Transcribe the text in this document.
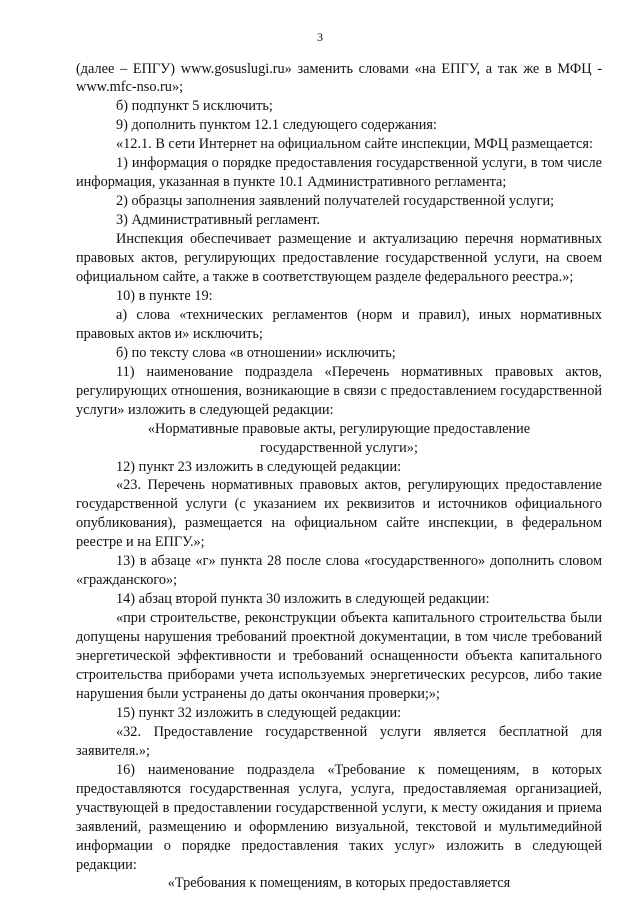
3

(далее – ЕПГУ) www.gosuslugi.ru» заменить словами «на ЕПГУ, а так же в МФЦ - www.mfc-nso.ru»;

б) подпункт 5 исключить;

9) дополнить пунктом 12.1 следующего содержания:

«12.1. В сети Интернет на официальном сайте инспекции, МФЦ размещается:

1) информация о порядке предоставления государственной услуги, в том числе информация, указанная в пункте 10.1 Административного регламента;

2) образцы заполнения заявлений получателей государственной услуги;

3) Административный регламент.

Инспекция обеспечивает размещение и актуализацию перечня нормативных правовых актов, регулирующих предоставление государственной услуги, на своем официальном сайте, а также в соответствующем разделе федерального реестра.»;

10) в пункте 19:

а) слова «технических регламентов (норм и правил), иных нормативных правовых актов и» исключить;

б) по тексту слова «в отношении» исключить;

11) наименование подраздела «Перечень нормативных правовых актов, регулирующих отношения, возникающие в связи с предоставлением государственной услуги» изложить в следующей редакции:

«Нормативные правовые акты, регулирующие предоставление государственной услуги»;

12) пункт 23 изложить в следующей редакции:

«23. Перечень нормативных правовых актов, регулирующих предоставление государственной услуги (с указанием их реквизитов и источников официального опубликования), размещается на официальном сайте инспекции, в федеральном реестре и на ЕПГУ.»;

13) в абзаце «г» пункта 28 после слова «государственного» дополнить словом «гражданского»;

14) абзац второй пункта 30 изложить в следующей редакции:

«при строительстве, реконструкции объекта капитального строительства были допущены нарушения требований проектной документации, в том числе требований энергетической эффективности и требований оснащенности объекта капитального строительства приборами учета используемых энергетических ресурсов, либо такие нарушения были устранены до даты окончания проверки;»;

15) пункт 32 изложить в следующей редакции:

«32. Предоставление государственной услуги является бесплатной для заявителя.»;

16) наименование подраздела «Требование к помещениям, в которых предоставляются государственная услуга, услуга, предоставляемая организацией, участвующей в предоставлении государственной услуги, к месту ожидания и приема заявлений, размещению и оформлению визуальной, текстовой и мультимедийной информации о порядке предоставления таких услуг» изложить в следующей редакции:

«Требования к помещениям, в которых предоставляется
